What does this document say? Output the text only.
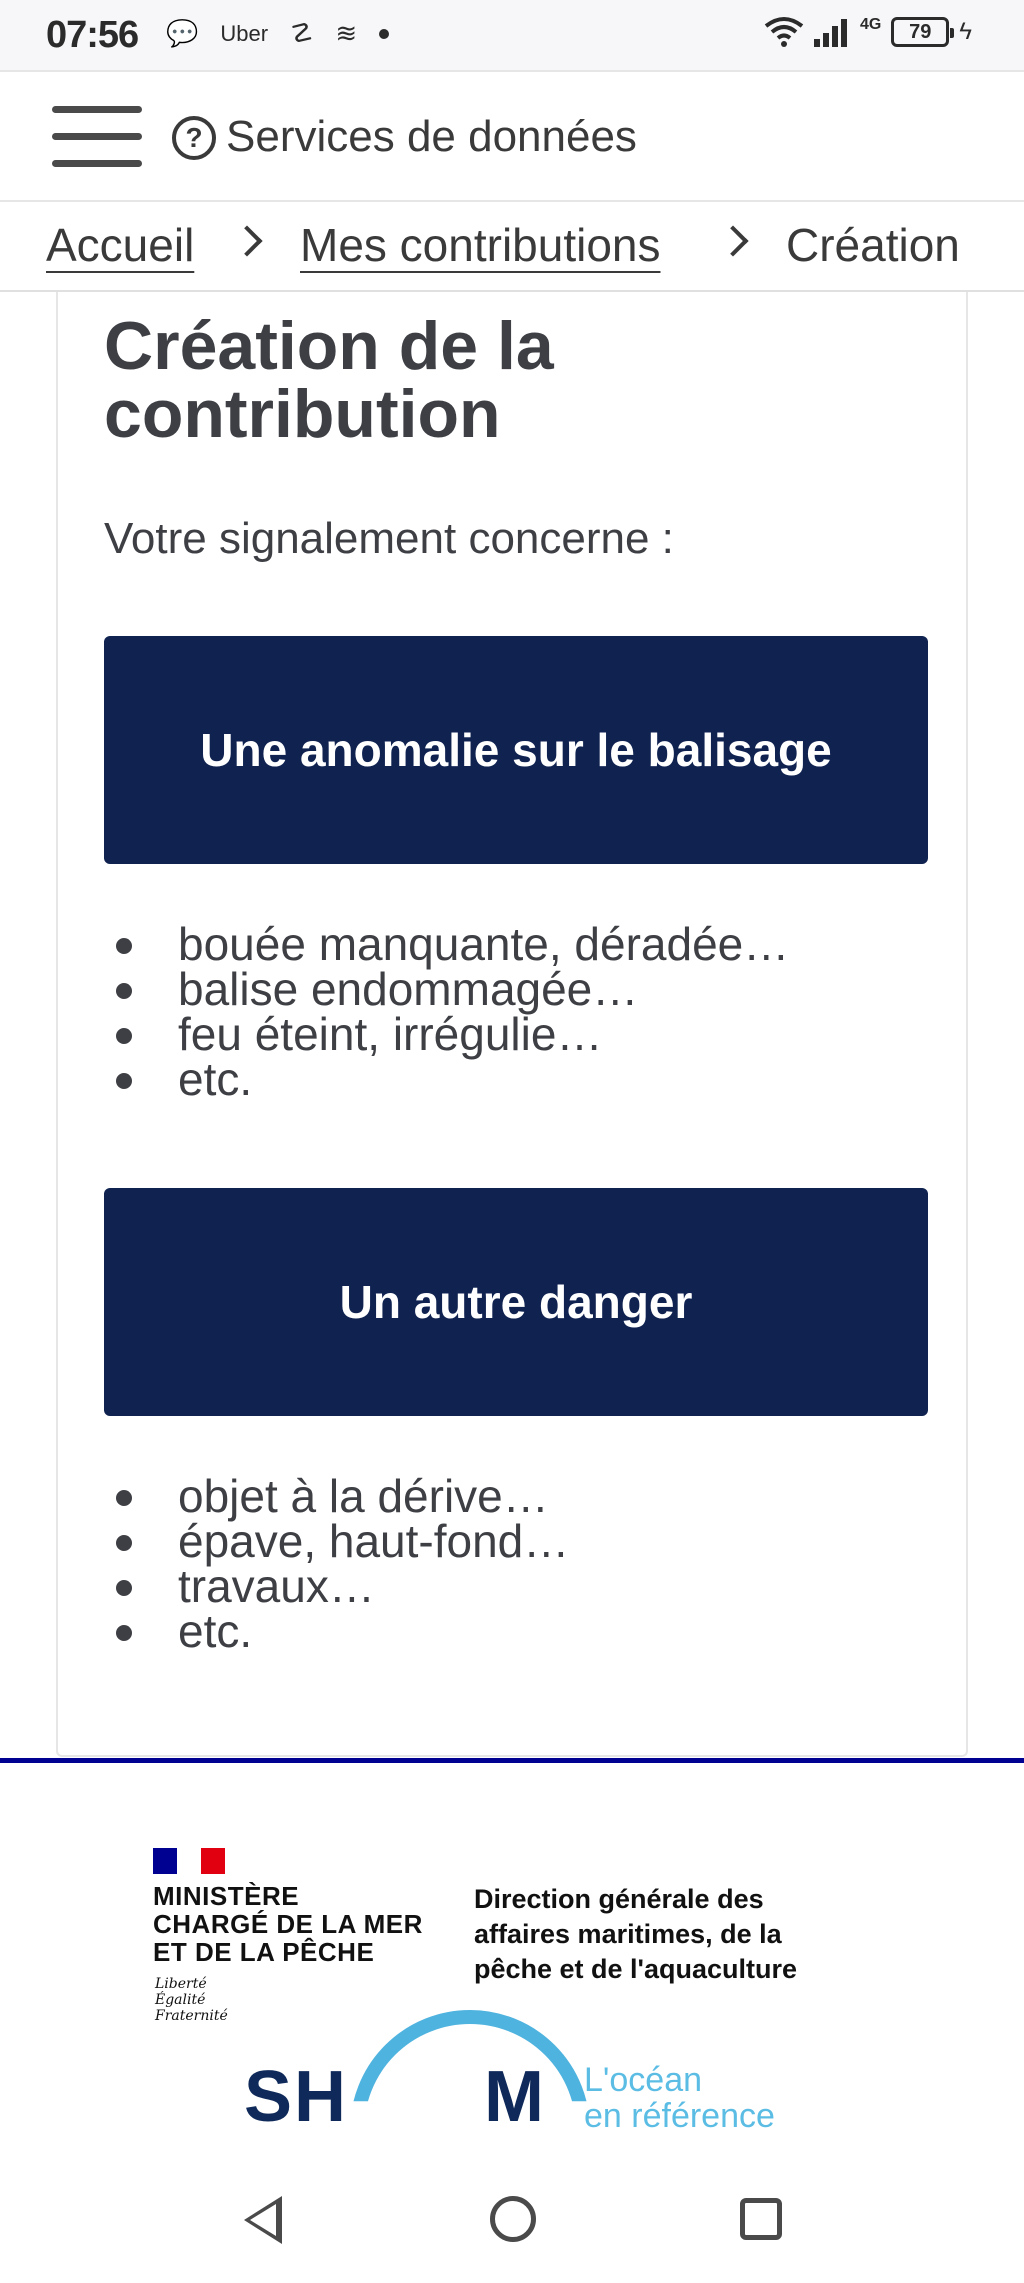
07:56 💬 Uber ☡ ≋	4G 79 ϟ
? Services de données
Accueil Mes contributions	Création
Création de la contribution

Votre signalement concerne :

Une anomalie sur le balisage
bouée manquante, déradée…
balise endommagée…
feu éteint, irrégulie…
etc.
Un autre danger
objet à la dérive…
épave, haut-fond…
travaux…
etc.
MINISTÈRE
CHARGÉ DE LA MER
ET DE LA PÊCHE
Liberté
Égalité
Fraternité
Direction générale des
affaires maritimes, de la
pêche et de l'aquaculture
SH M L'océan
en référence
